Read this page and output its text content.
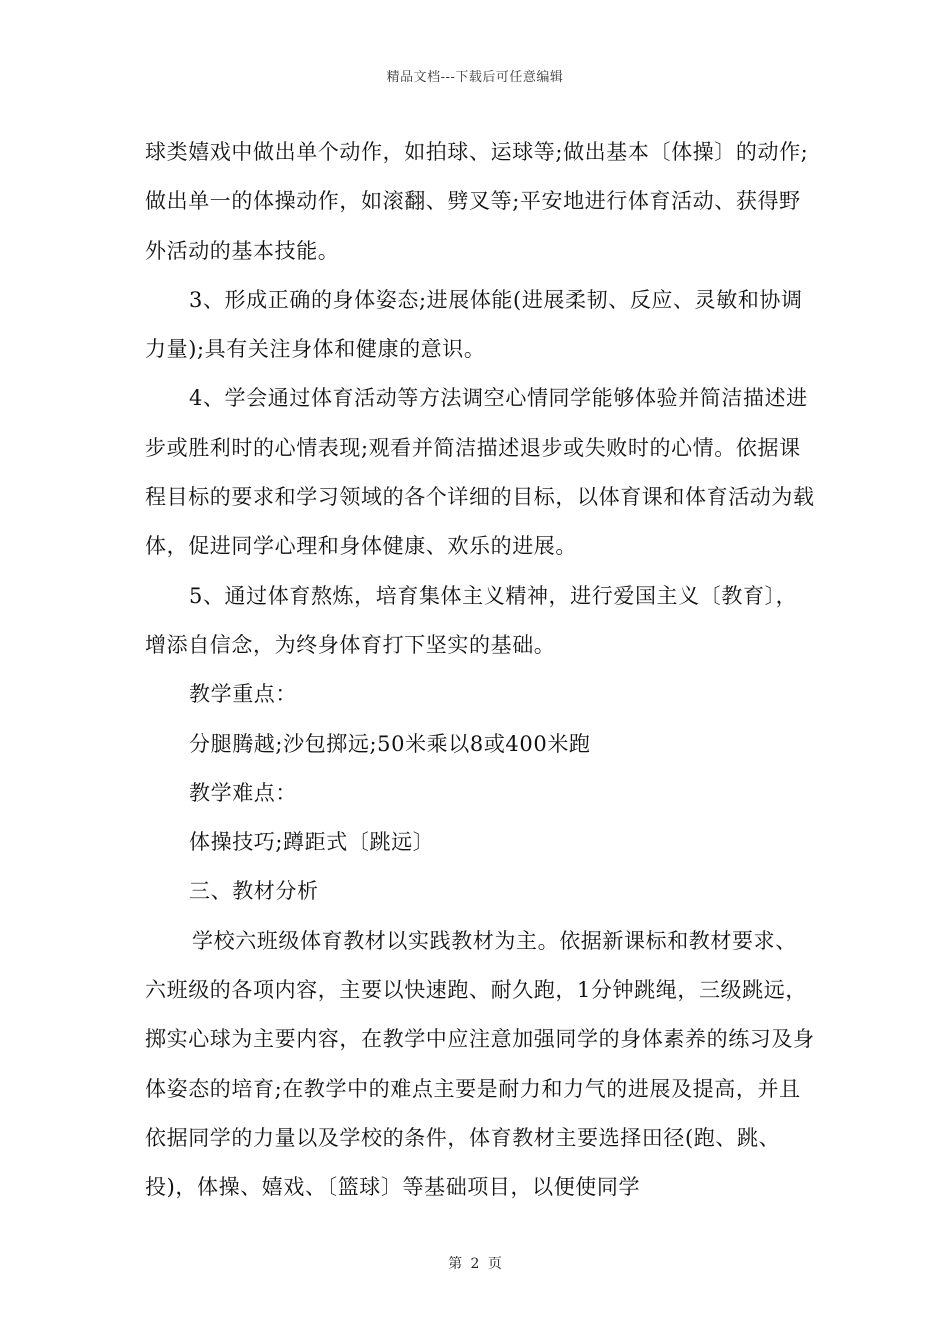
精品文档---下载后可任意编辑

球类嬉戏中做出单个动作，如拍球、运球等;做出基本〔体操〕的动作;做出单一的体操动作，如滚翻、劈叉等;平安地进行体育活动、获得野外活动的基本技能。

3、形成正确的身体姿态;进展体能(进展柔韧、反应、灵敏和协调力量);具有关注身体和健康的意识。

4、学会通过体育活动等方法调空心情同学能够体验并简洁描述进步或胜利时的心情表现;观看并简洁描述退步或失败时的心情。依据课程目标的要求和学习领域的各个详细的目标，以体育课和体育活动为载体，促进同学心理和身体健康、欢乐的进展。

5、通过体育熬炼，培育集体主义精神，进行爱国主义〔教育〕，增添自信念，为终身体育打下坚实的基础。

教学重点：

分腿腾越;沙包掷远;50米乘以8或400米跑

教学难点：

体操技巧;蹲距式〔跳远〕

三、教材分析

学校六班级体育教材以实践教材为主。依据新课标和教材要求、六班级的各项内容，主要以快速跑、耐久跑，1分钟跳绳，三级跳远，掷实心球为主要内容，在教学中应注意加强同学的身体素养的练习及身体姿态的培育;在教学中的难点主要是耐力和力气的进展及提高，并且依据同学的力量以及学校的条件，体育教材主要选择田径(跑、跳、投)，体操、嬉戏、〔篮球〕等基础项目，以便使同学

第 2 页
